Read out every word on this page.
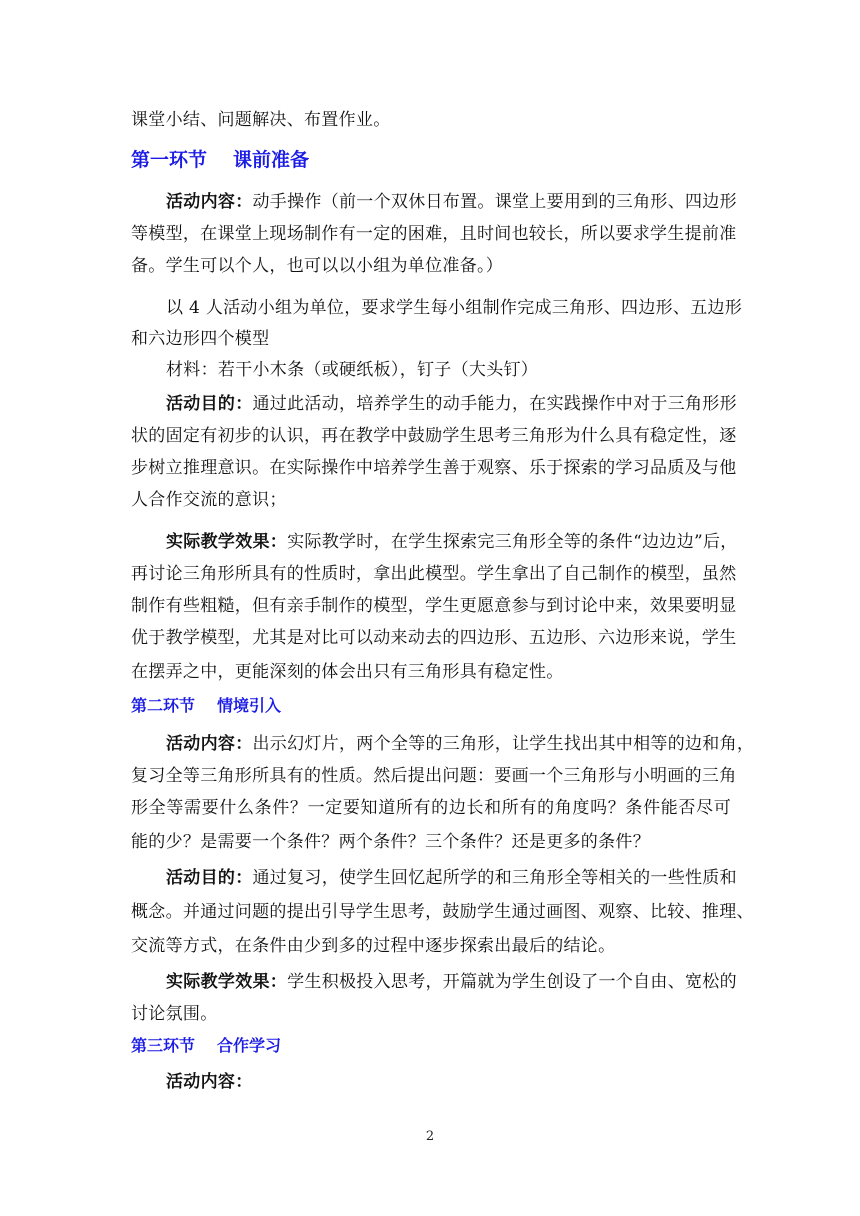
课堂小结、问题解决、布置作业。
第一环节 课前准备
活动内容：动手操作（前一个双休日布置。课堂上要用到的三角形、四边形
等模型，在课堂上现场制作有一定的困难，且时间也较长，所以要求学生提前准
备。学生可以个人，也可以以小组为单位准备。）
以 4 人活动小组为单位，要求学生每小组制作完成三角形、四边形、五边形
和六边形四个模型
材料：若干小木条（或硬纸板），钉子（大头钉）
活动目的：通过此活动，培养学生的动手能力，在实践操作中对于三角形形
状的固定有初步的认识，再在教学中鼓励学生思考三角形为什么具有稳定性，逐
步树立推理意识。在实际操作中培养学生善于观察、乐于探索的学习品质及与他
人合作交流的意识；
实际教学效果：实际教学时，在学生探索完三角形全等的条件“边边边”后，
再讨论三角形所具有的性质时，拿出此模型。学生拿出了自己制作的模型，虽然
制作有些粗糙，但有亲手制作的模型，学生更愿意参与到讨论中来，效果要明显
优于教学模型，尤其是对比可以动来动去的四边形、五边形、六边形来说，学生
在摆弄之中，更能深刻的体会出只有三角形具有稳定性。
第二环节 情境引入
活动内容：出示幻灯片，两个全等的三角形，让学生找出其中相等的边和角，
复习全等三角形所具有的性质。然后提出问题：要画一个三角形与小明画的三角
形全等需要什么条件？一定要知道所有的边长和所有的角度吗？条件能否尽可
能的少？是需要一个条件？两个条件？三个条件？还是更多的条件？
活动目的：通过复习，使学生回忆起所学的和三角形全等相关的一些性质和
概念。并通过问题的提出引导学生思考，鼓励学生通过画图、观察、比较、推理、
交流等方式，在条件由少到多的过程中逐步探索出最后的结论。
实际教学效果：学生积极投入思考，开篇就为学生创设了一个自由、宽松的
讨论氛围。
第三环节 合作学习
活动内容：
2
